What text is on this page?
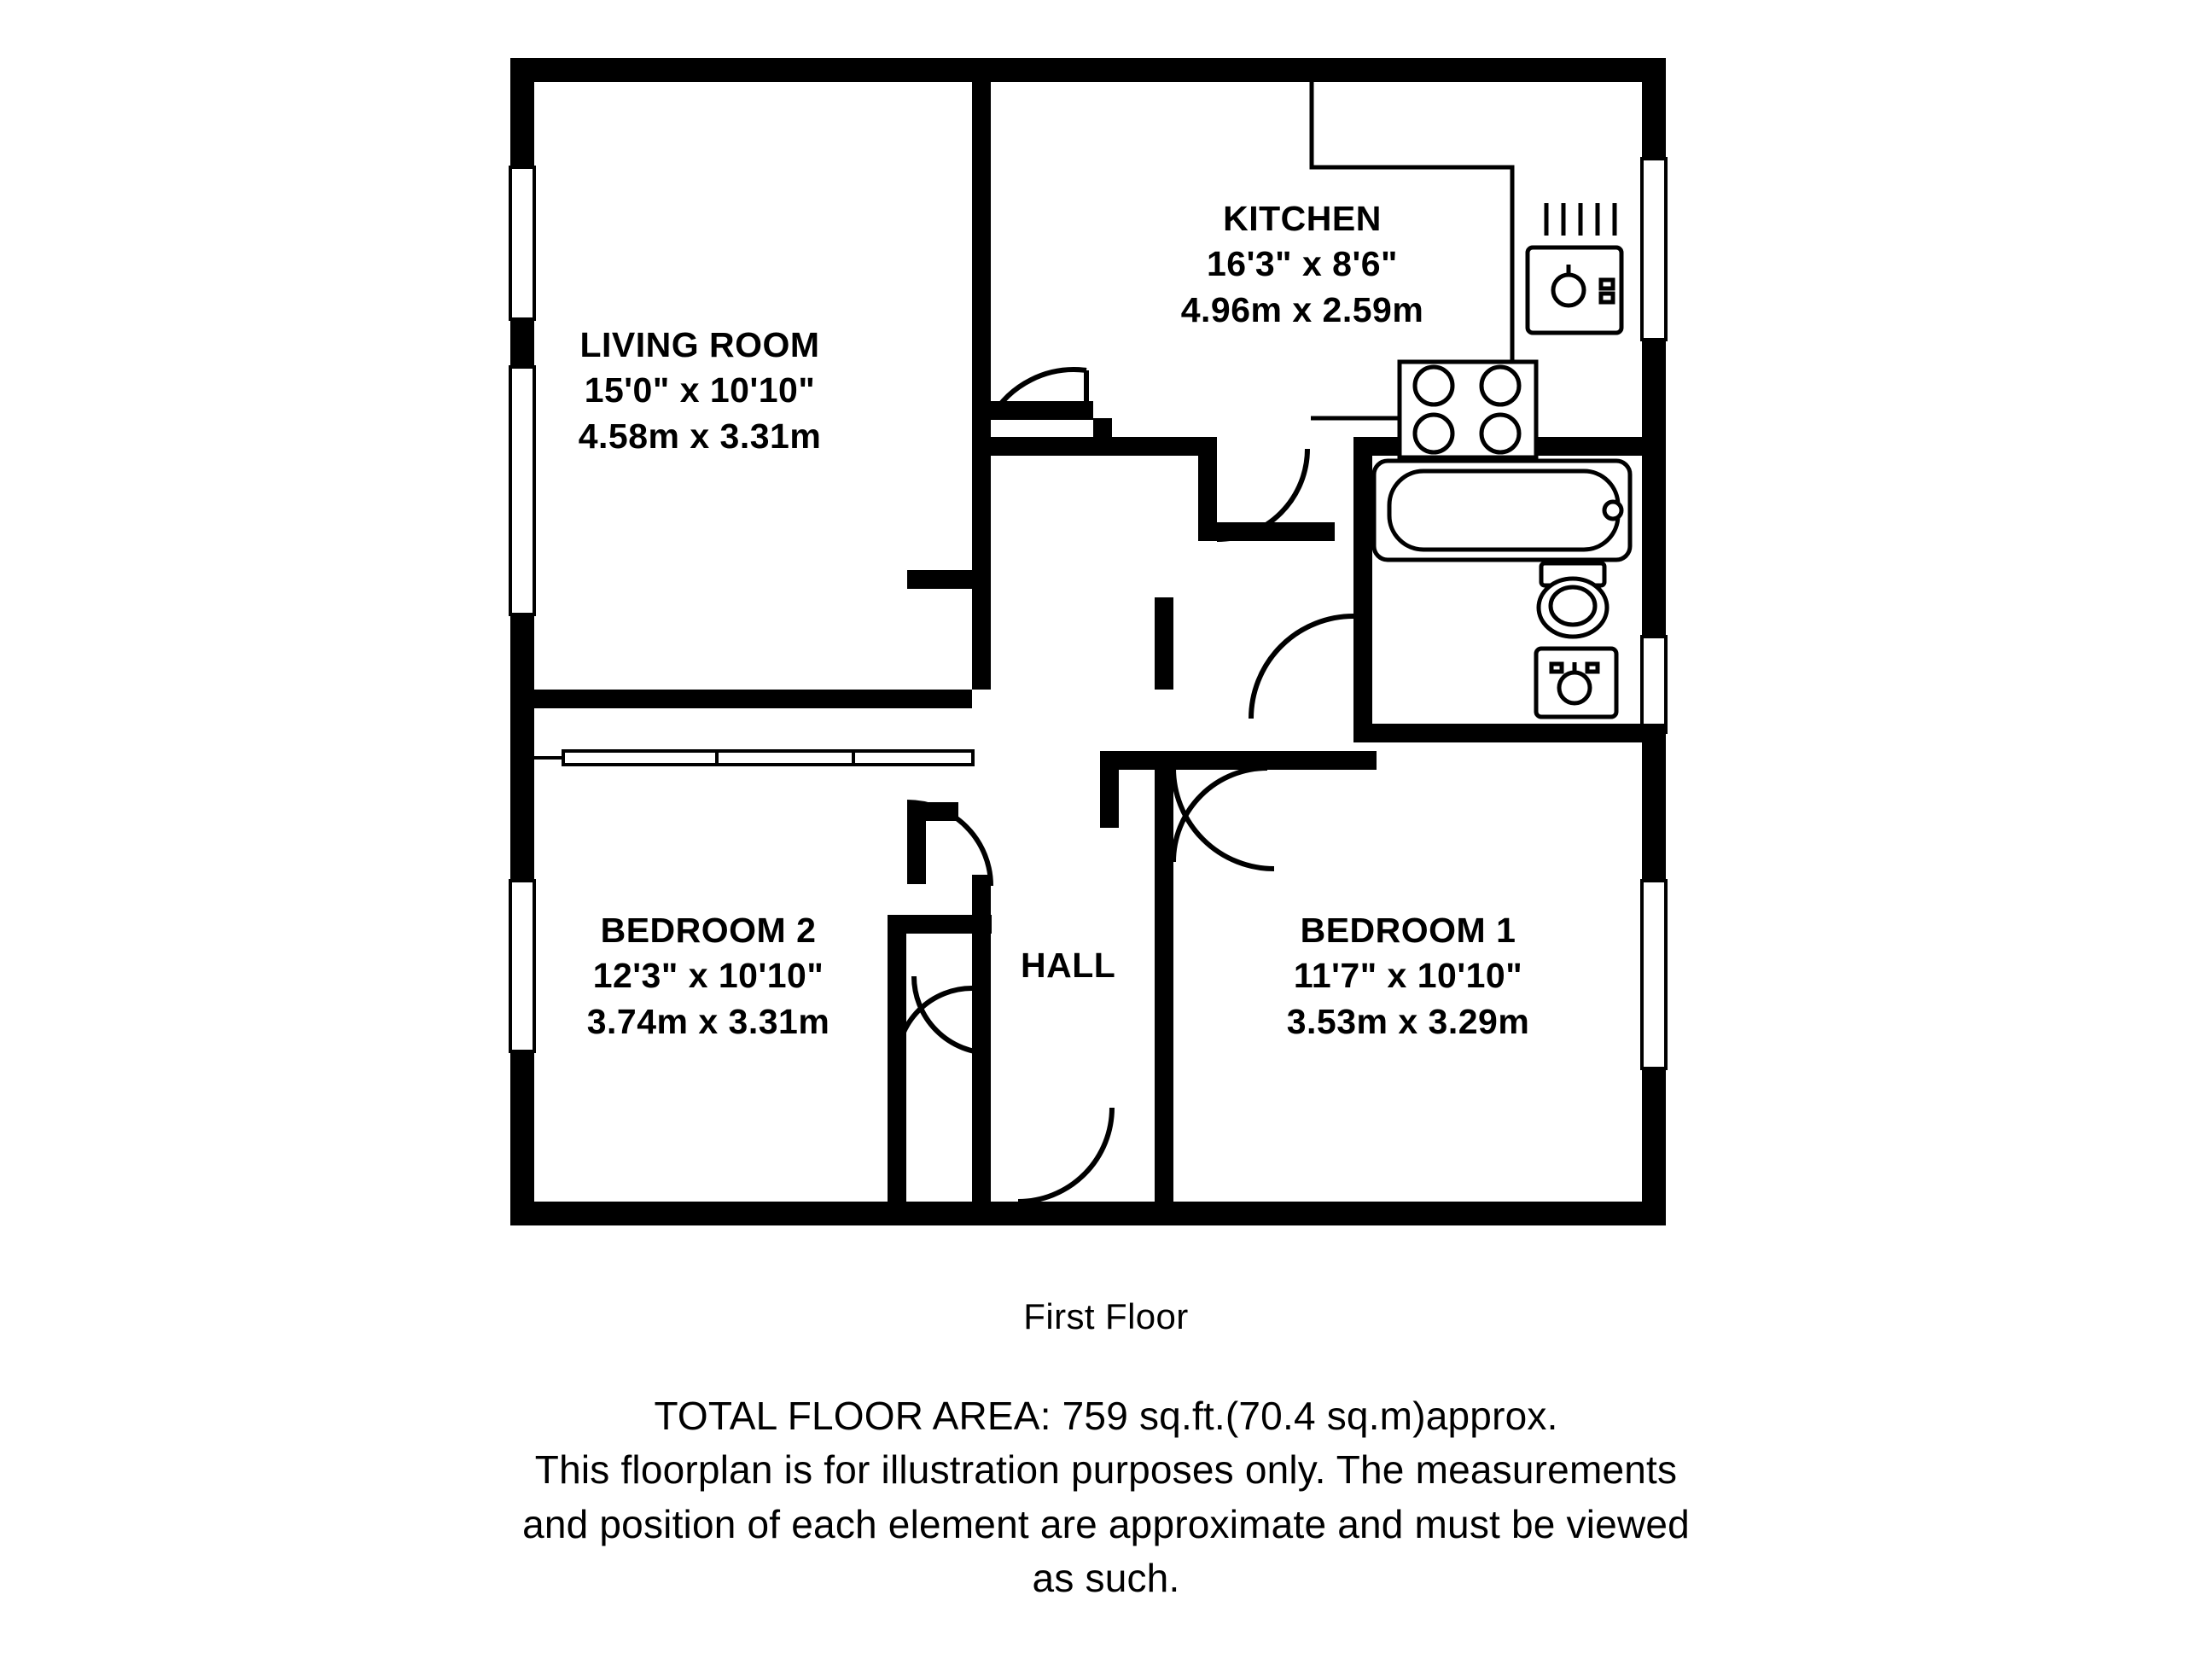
LIVING ROOM
15'0" x 10'10"
4.58m x 3.31m
KITCHEN
16'3" x 8'6"
4.96m x 2.59m
BEDROOM 2
12'3" x 10'10"
3.74m x 3.31m
BEDROOM 1
11'7" x 10'10"
3.53m x 3.29m
HALL
First Floor
TOTAL FLOOR AREA: 759 sq.ft.(70.4 sq.m)approx.
This floorplan is for illustration purposes only. The measurements
and position of each element are approximate and must be viewed
as such.
